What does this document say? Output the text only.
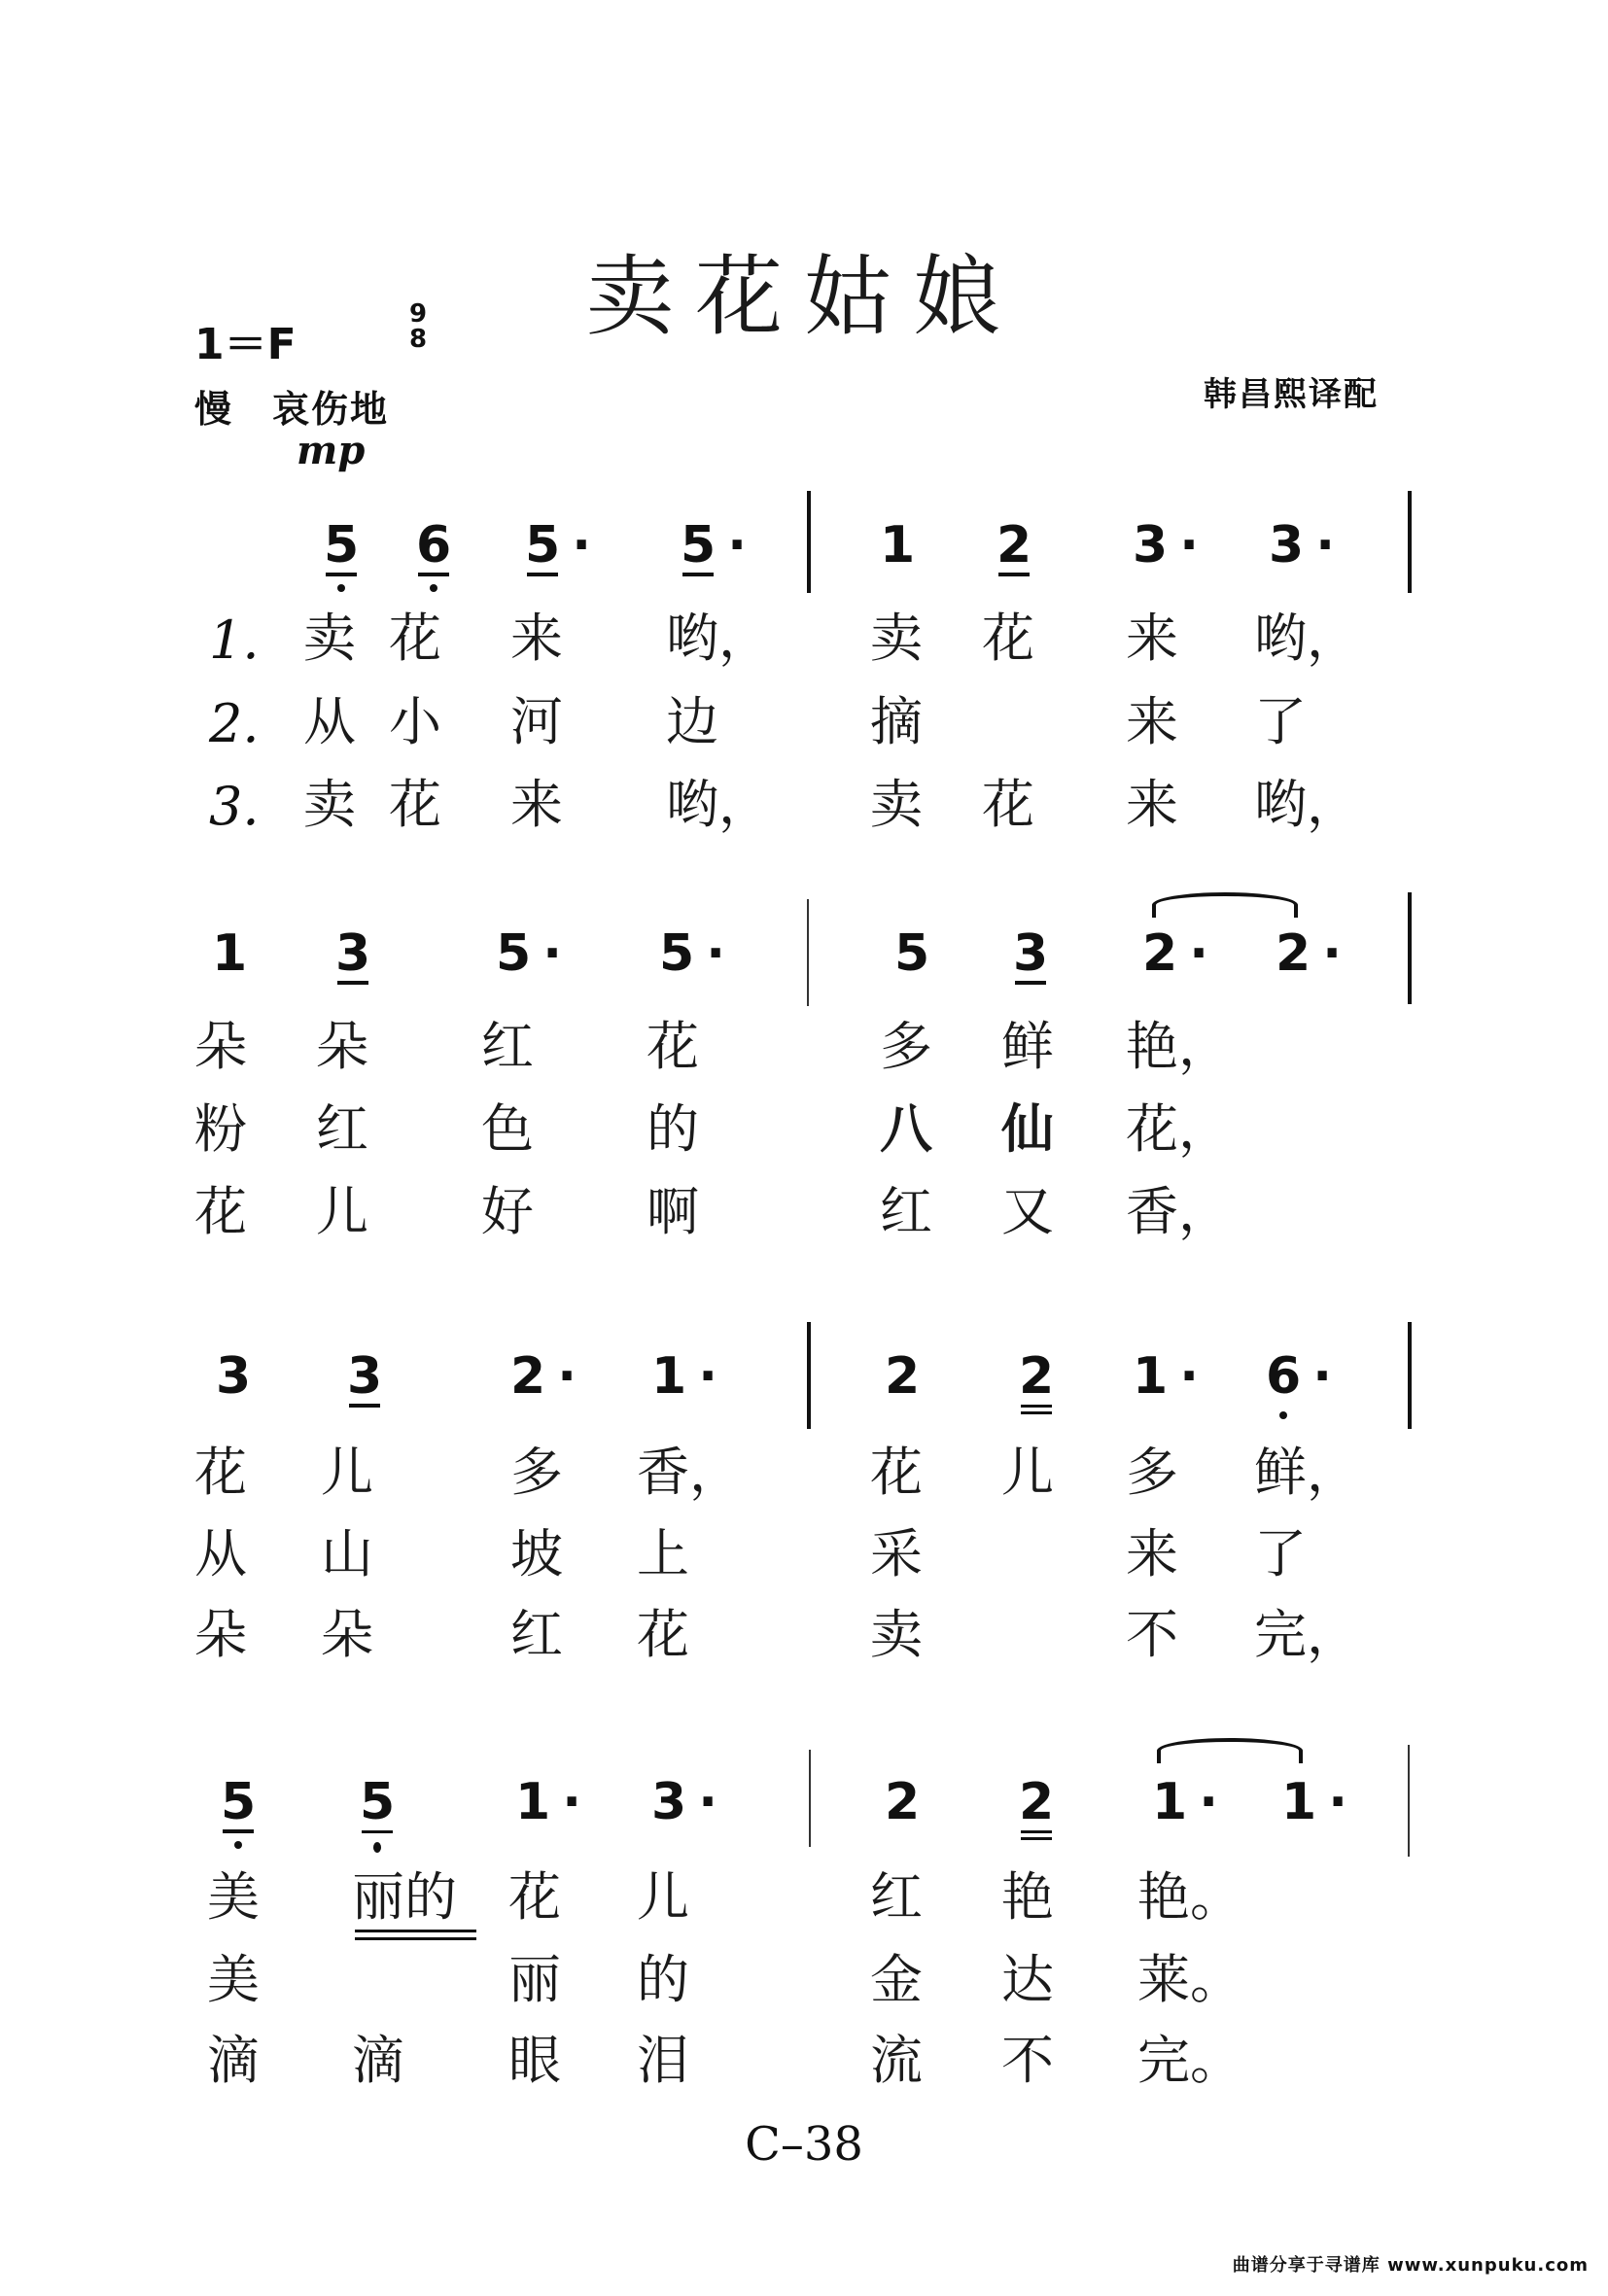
卖花姑娘
1＝F
9
8
慢　哀伤地	韩昌熙译配
mp
5 6 5 · 5 ·	1 2 3 · 3 ·
1.
2.
3.
卖 花 来 哟， 卖 花 来 哟，
从 小 河 边	摘	来 了
卖 花 来 哟， 卖 花 来 哟，
1 3 5 · 5 ·	5 3 2 · 2 ·
朵 朵 红 花	多 鲜 艳，
粉 红 色 的	八 仙 花，
花 儿 好 啊	红 又 香，
3 3	2 · 1 ·	2 2 1 · 6 ·
花 儿	多 香， 花 儿 多 鲜，
从 山	坡 上	采	来 了
朵 朵	红 花	卖	不 完，
5 5 1 · 3 ·	2 2 1 · 1 ·
美 丽的 花 儿	红 艳 艳。
美	丽 的	金 达 莱。
滴 滴 眼 泪	流 不 完。
C–38
曲谱分享于寻谱库 www.xunpuku.com
